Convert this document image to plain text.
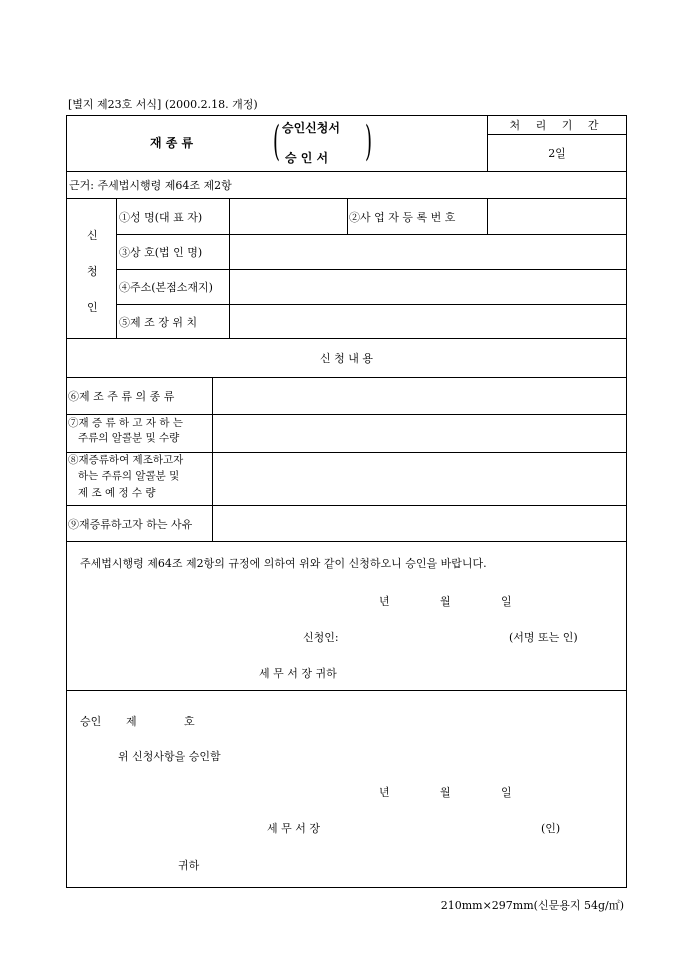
[별지 제23호 서식] (2000.2.18. 개정)
재 종 류
승인신청서
승 인 서
(	)	처 리 기 간
2일
근거: 주세법시행령 제64조 제2항
신
청
인
①성 명(대 표 자)	②사 업 자 등 록 번 호
③상 호(법 인 명)
④주소(본점소재지)
⑤제 조 장 위 치
신 청 내 용
⑥제 조 주 류 의 종 류
⑦재 증 류 하 고 자 하 는
주류의 알콜분 및 수량
⑧재증류하여 제조하고자
하는 주류의 알콜분 및
제 조 예 정 수 량
⑨재증류하고자 하는 사유
주세법시행령 제64조 제2항의 규정에 의하여 위와 같이 신청하오니 승인을 바랍니다.
년	월	일
신청인:	(서명 또는 인)
세 무 서 장 귀하
승인 제	호
위 신청사항을 승인함
년	월	일
세 무 서 장	(인)
귀하
210mm×297mm(신문용지 54g/㎡)
